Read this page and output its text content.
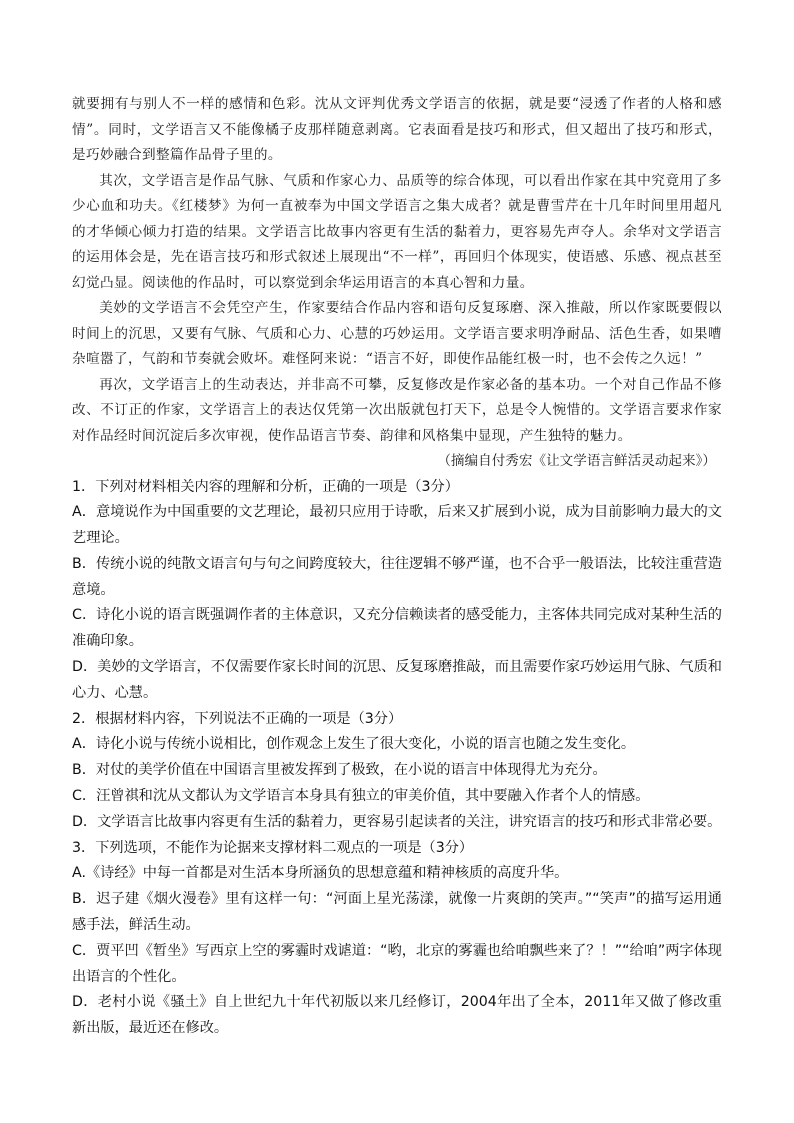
就要拥有与别人不一样的感情和色彩。沈从文评判优秀文学语言的依据，就是要“浸透了作者的人格和感情”。同时，文学语言又不能像橘子皮那样随意剥离。它表面看是技巧和形式，但又超出了技巧和形式，是巧妙融合到整篇作品骨子里的。

其次，文学语言是作品气脉、气质和作家心力、品质等的综合体现，可以看出作家在其中究竟用了多少心血和功夫。《红楼梦》为何一直被奉为中国文学语言之集大成者？就是曹雪芹在十几年时间里用超凡的才华倾心倾力打造的结果。文学语言比故事内容更有生活的黏着力，更容易先声夺人。余华对文学语言的运用体会是，先在语言技巧和形式叙述上展现出“不一样”，再回归个体现实，使语感、乐感、视点甚至幻觉凸显。阅读他的作品时，可以察觉到余华运用语言的本真心智和力量。

美妙的文学语言不会凭空产生，作家要结合作品内容和语句反复琢磨、深入推敲，所以作家既要假以时间上的沉思，又要有气脉、气质和心力、心慧的巧妙运用。文学语言要求明净耐品、活色生香，如果嘈杂喧嚣了，气韵和节奏就会败坏。难怪阿来说：“语言不好，即使作品能红极一时，也不会传之久远！”

再次，文学语言上的生动表达，并非高不可攀，反复修改是作家必备的基本功。一个对自己作品不修改、不订正的作家，文学语言上的表达仅凭第一次出版就包打天下，总是令人惋惜的。文学语言要求作家对作品经时间沉淀后多次审视，使作品语言节奏、韵律和风格集中显现，产生独特的魅力。

（摘编自付秀宏《让文学语言鲜活灵动起来》）

1．下列对材料相关内容的理解和分析，正确的一项是（3分）

A．意境说作为中国重要的文艺理论，最初只应用于诗歌，后来又扩展到小说，成为目前影响力最大的文艺理论。

B．传统小说的纯散文语言句与句之间跨度较大，往往逻辑不够严谨，也不合乎一般语法，比较注重营造意境。

C．诗化小说的语言既强调作者的主体意识，又充分信赖读者的感受能力，主客体共同完成对某种生活的准确印象。

D．美妙的文学语言，不仅需要作家长时间的沉思、反复琢磨推敲，而且需要作家巧妙运用气脉、气质和心力、心慧。

2．根据材料内容，下列说法不正确的一项是（3分）

A．诗化小说与传统小说相比，创作观念上发生了很大变化，小说的语言也随之发生变化。

B．对仗的美学价值在中国语言里被发挥到了极致，在小说的语言中体现得尤为充分。

C．汪曾祺和沈从文都认为文学语言本身具有独立的审美价值，其中要融入作者个人的情感。

D．文学语言比故事内容更有生活的黏着力，更容易引起读者的关注，讲究语言的技巧和形式非常必要。

3．下列选项，不能作为论据来支撑材料二观点的一项是（3分）

A.《诗经》中每一首都是对生活本身所涵负的思想意蕴和精神核质的高度升华。

B．迟子建《烟火漫卷》里有这样一句：“河面上星光荡漾，就像一片爽朗的笑声。”“笑声”的描写运用通感手法，鲜活生动。

C．贾平凹《暂坐》写西京上空的雾霾时戏谑道：“哟，北京的雾霾也给咱飘些来了？！”“给咱”两字体现出语言的个性化。

D．老村小说《骚土》自上世纪九十年代初版以来几经修订，2004年出了全本，2011年又做了修改重新出版，最近还在修改。
